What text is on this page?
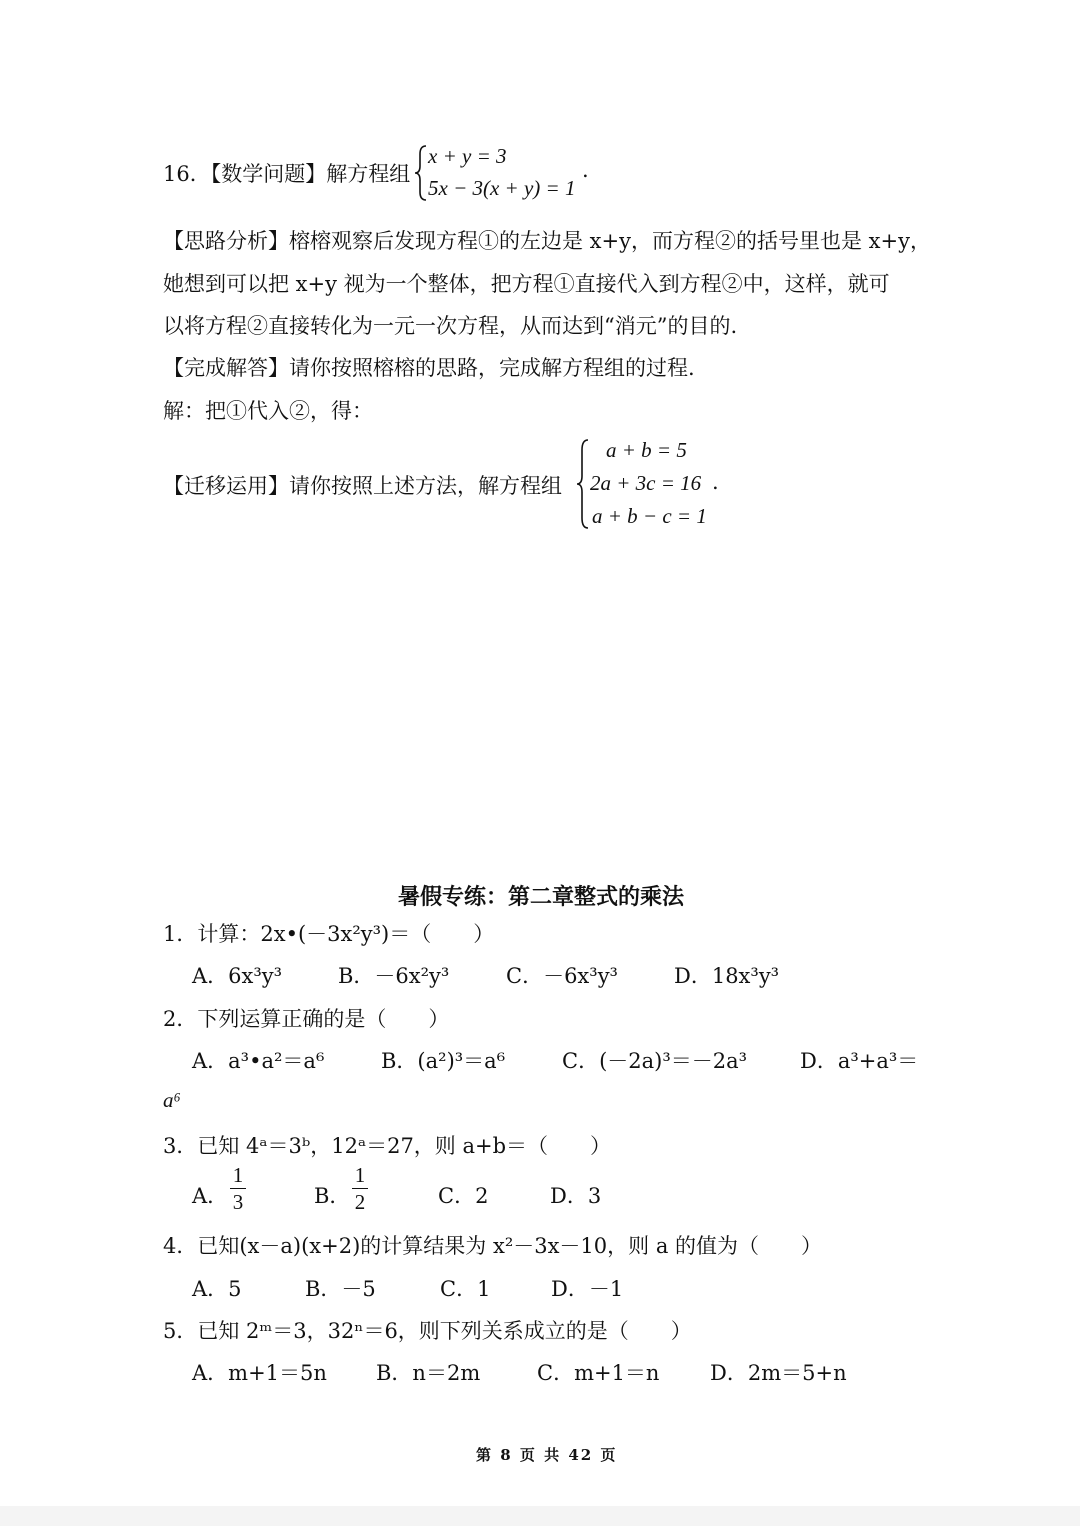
16．【数学问题】解方程组
x + y = 3
5x − 3(x + y) = 1
.
【思路分析】榕榕观察后发现方程①的左边是 x+y，而方程②的括号里也是 x+y，
她想到可以把 x+y 视为一个整体，把方程①直接代入到方程②中，这样，就可
以将方程②直接转化为一元一次方程，从而达到“消元”的目的.
【完成解答】请你按照榕榕的思路，完成解方程组的过程.
解：把①代入②，得：
【迁移运用】请你按照上述方法，解方程组
a + b = 5
2a + 3c = 16
a + b − c = 1
.
暑假专练：第二章整式的乘法
1．计算：2x•(－3x²y³)＝（　　）
A．6x³y³	B．－6x²y³	C．－6x³y³	D．18x³y³
2．下列运算正确的是（　　）
A．a³•a²＝a⁶	B．(a²)³＝a⁶	C．(－2a)³＝－2a³	D．a³+a³＝
a⁶
3．已知 4ᵃ＝3ᵇ，12ᵃ＝27，则 a+b＝（　　）
A．
1
3	B．
1
2	C．2	D．3
4．已知(x－a)(x+2)的计算结果为 x²－3x－10，则 a 的值为（　　）
A．5	B．－5	C．1	D．－1
5．已知 2ᵐ＝3，32ⁿ＝6，则下列关系成立的是（　　）
A．m+1＝5n B．n＝2m	C．m+1＝n D．2m＝5+n
第 8 页 共 42 页
